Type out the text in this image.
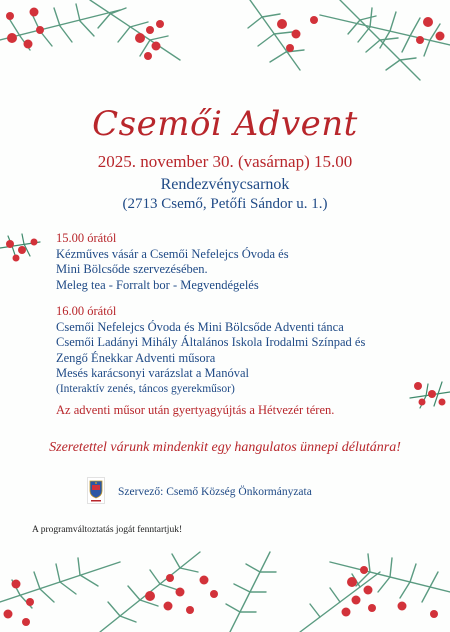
Csemői Advent
2025. november 30. (vasárnap) 15.00
Rendezvénycsarnok
(2713 Csemő, Petőfi Sándor u. 1.)
15.00 órától
Kézműves vásár a Csemői Nefelejcs Óvoda és
Mini Bölcsőde szervezésében.
Meleg tea - Forralt bor - Megvendégelés
16.00 órától
Csemői Nefelejcs Óvoda és Mini Bölcsőde Adventi tánca
Csemői Ladányi Mihály Általános Iskola Irodalmi Színpad és
Zengő Énekkar Adventi műsora
Mesés karácsonyi varázslat a Manóval
(Interaktív zenés, táncos gyerekműsor)
Az adventi műsor után gyertyagyújtás a Hétvezér téren.
Szeretettel várunk mindenkit egy hangulatos ünnepi délutánra!
Szervező: Csemő Község Önkormányzata
A programváltoztatás jogát fenntartjuk!
